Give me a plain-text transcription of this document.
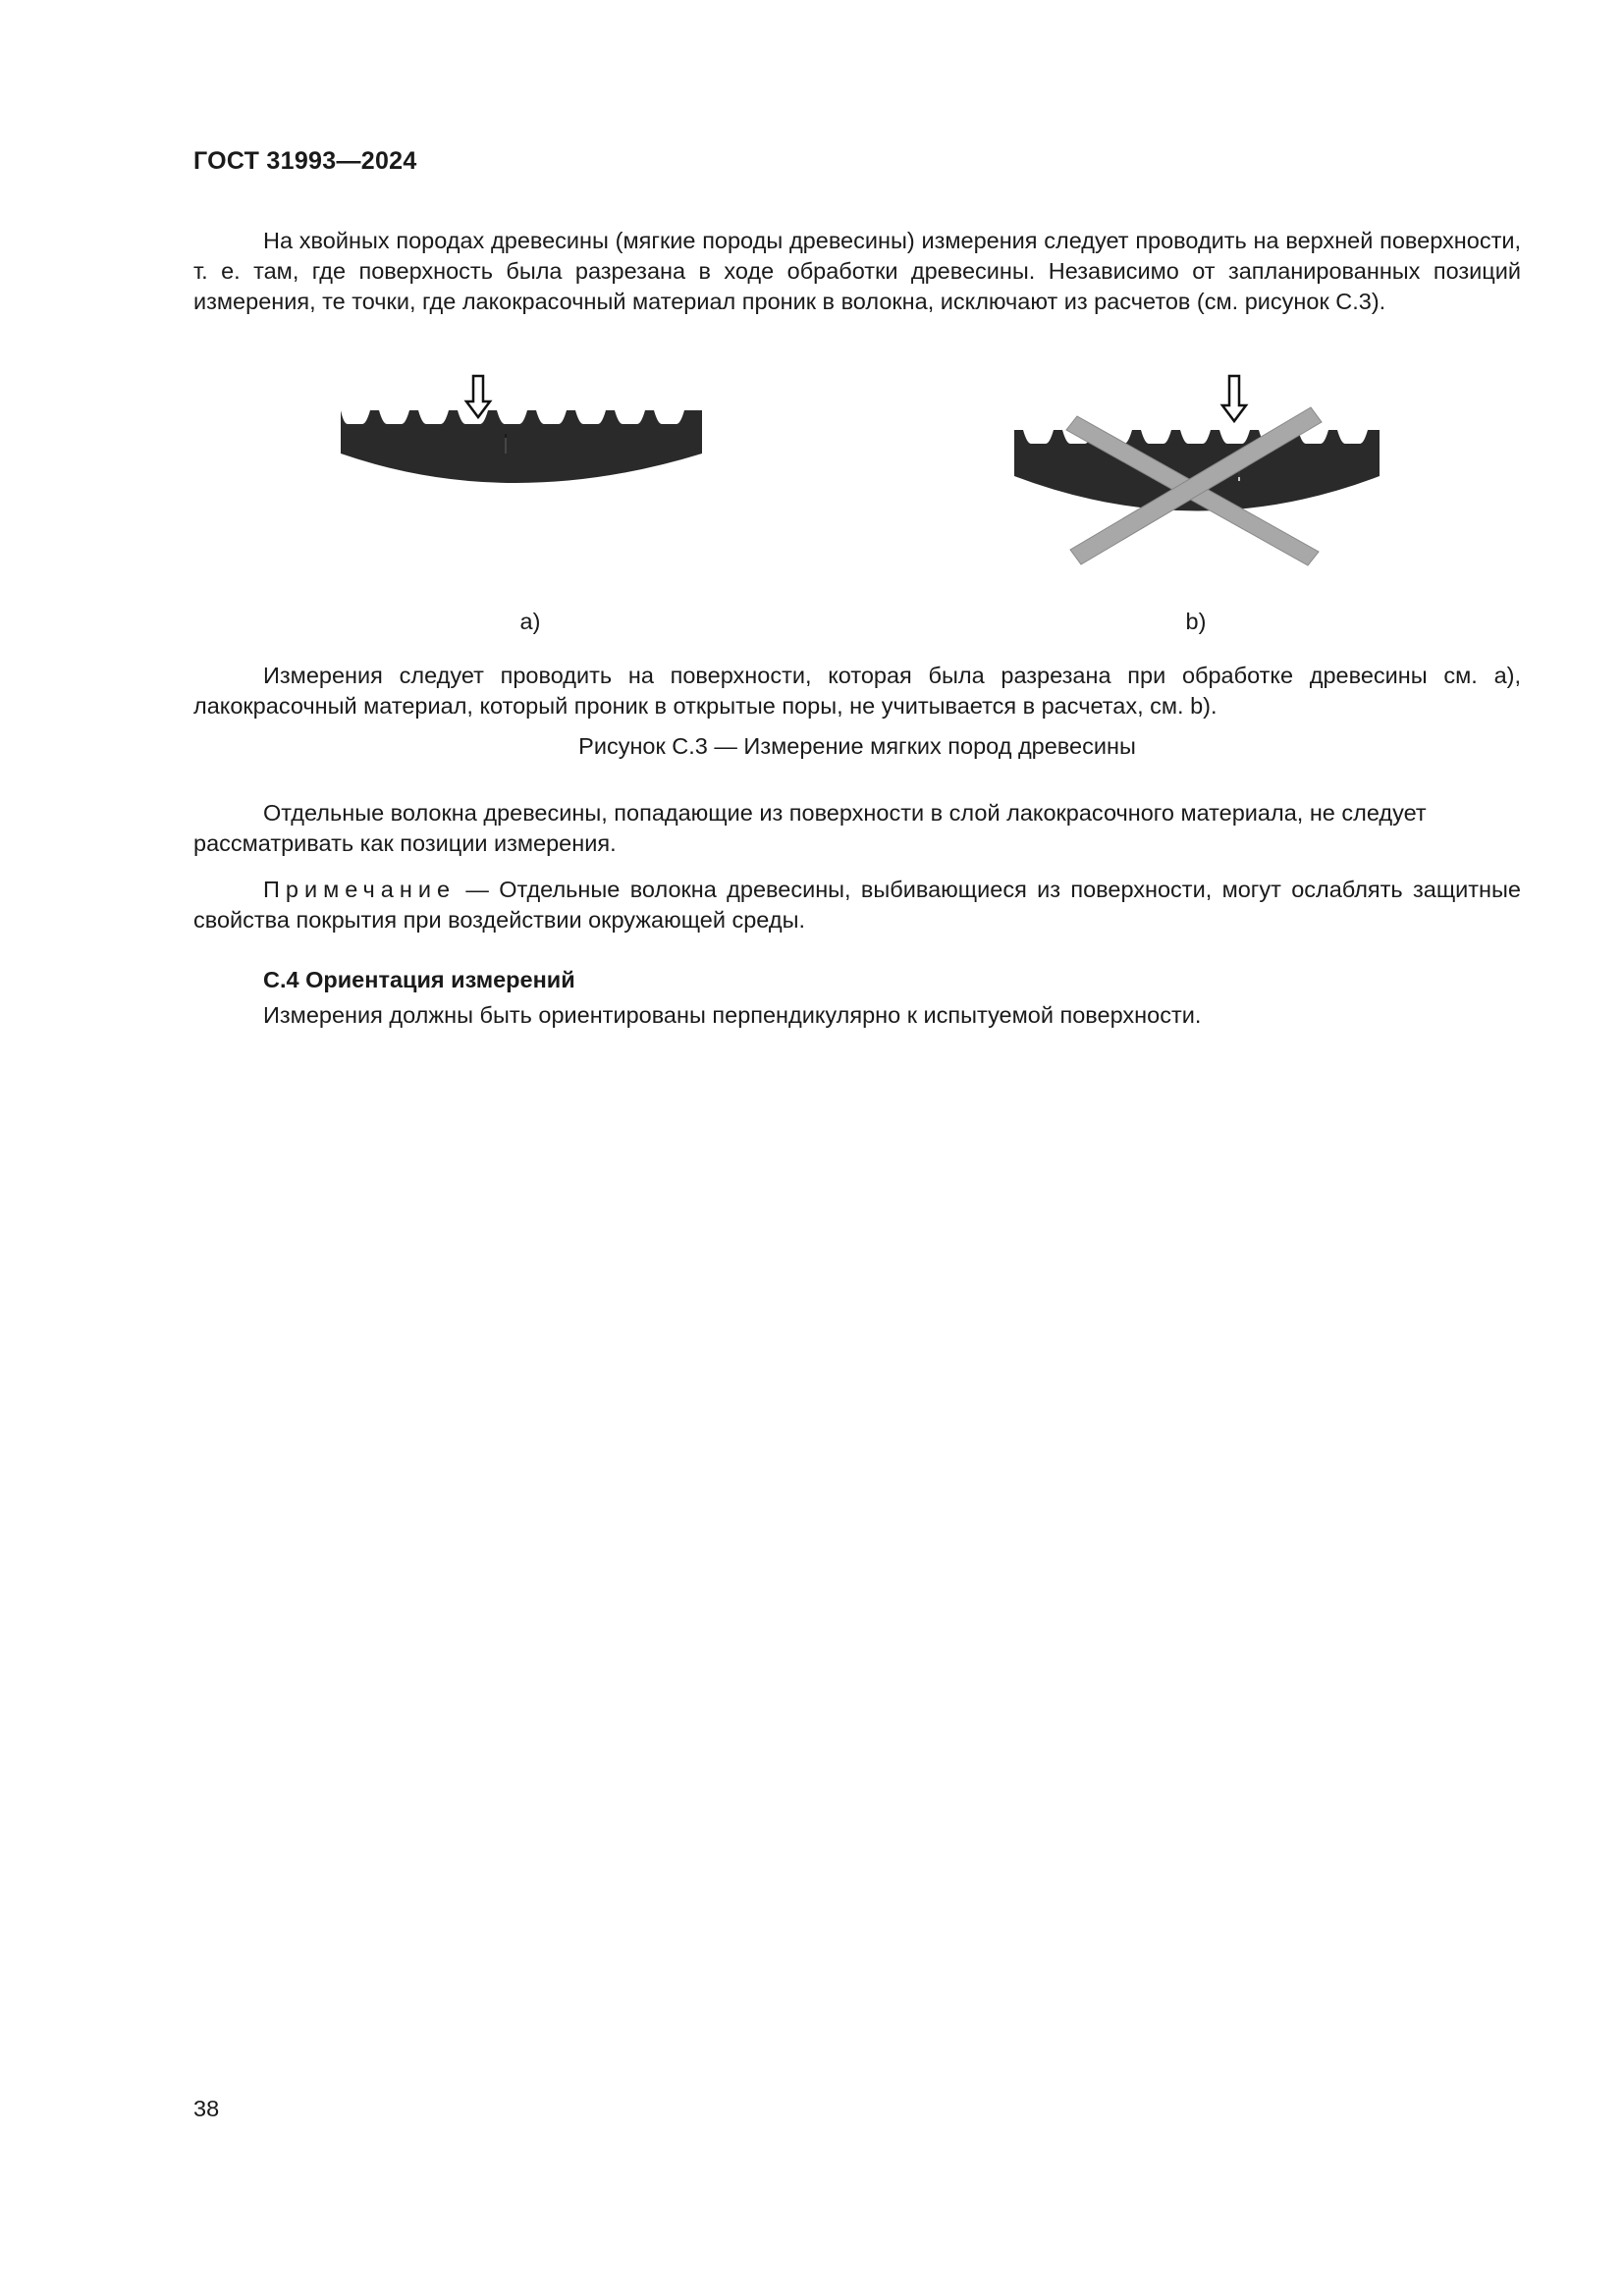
ГОСТ 31993—2024

На хвойных породах древесины (мягкие породы древесины) измерения следует проводить на верхней поверхности, т. е. там, где поверхность была разрезана в ходе обработки древесины. Независимо от запланированных позиций измерения, те точки, где лакокрасочный материал проник в волокна, исключают из расчетов (см. рисунок С.3).

a)	b)

Измерения следует проводить на поверхности, которая была разрезана при обработке древесины см. a), лакокрасочный материал, который проник в открытые поры, не учитывается в расчетах, см. b).

Рисунок С.3 — Измерение мягких пород древесины

Отдельные волокна древесины, попадающие из поверхности в слой лакокрасочного материала, не следует рассматривать как позиции измерения.

Примечание — Отдельные волокна древесины, выбивающиеся из поверхности, могут ослаблять защитные свойства покрытия при воздействии окружающей среды.

С.4 Ориентация измерений
Измерения должны быть ориентированы перпендикулярно к испытуемой поверхности.
38
